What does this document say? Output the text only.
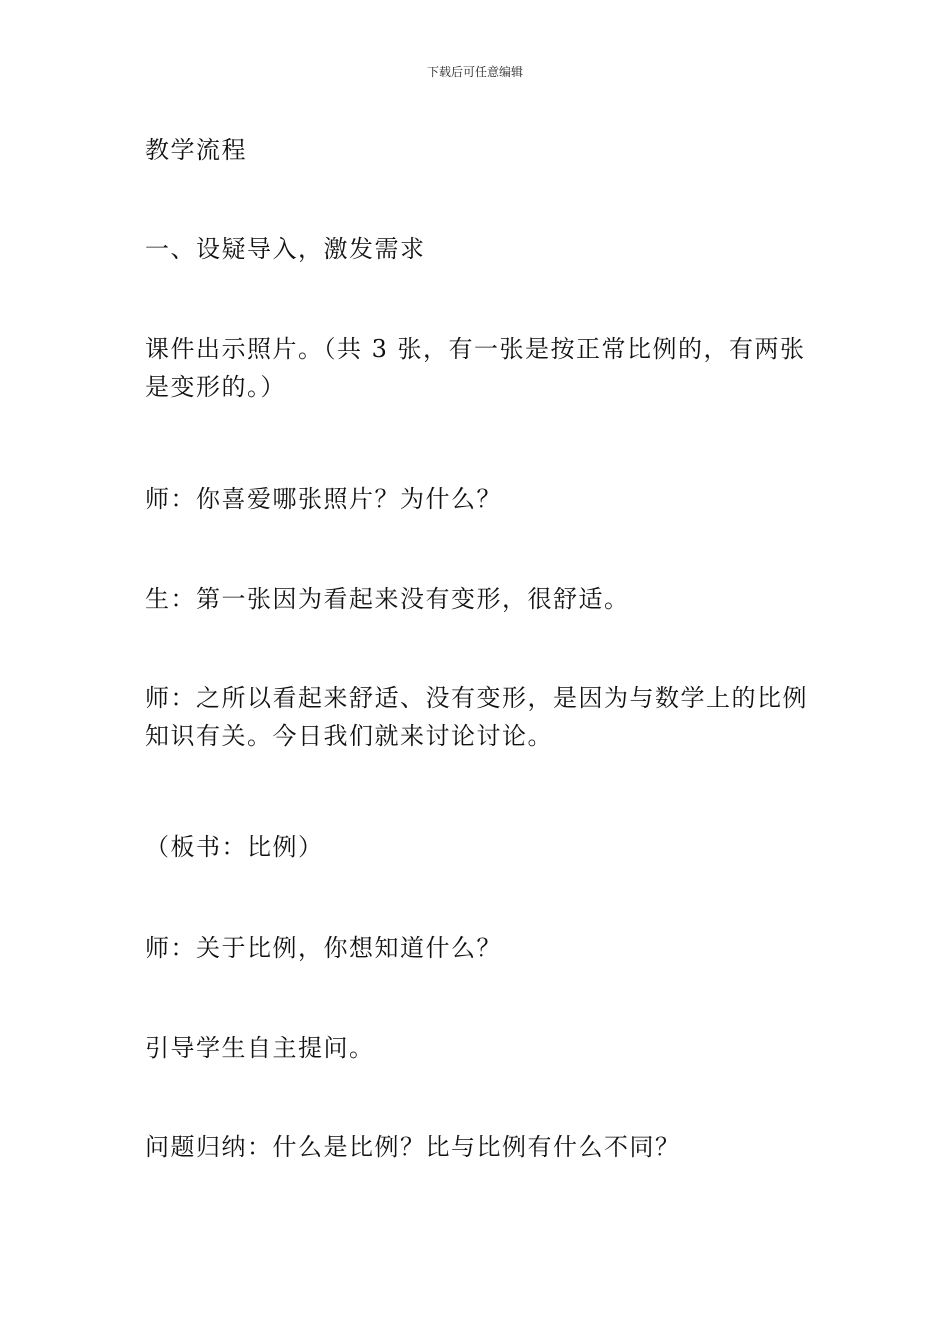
下载后可任意编辑

教学流程

一、设疑导入，激发需求

课件出示照片。（共 3 张，有一张是按正常比例的，有两张是变形的。）

师：你喜爱哪张照片？为什么？

生：第一张因为看起来没有变形，很舒适。

师：之所以看起来舒适、没有变形，是因为与数学上的比例知识有关。今日我们就来讨论讨论。

（板书：比例）

师：关于比例，你想知道什么？

引导学生自主提问。

问题归纳：什么是比例？比与比例有什么不同？
